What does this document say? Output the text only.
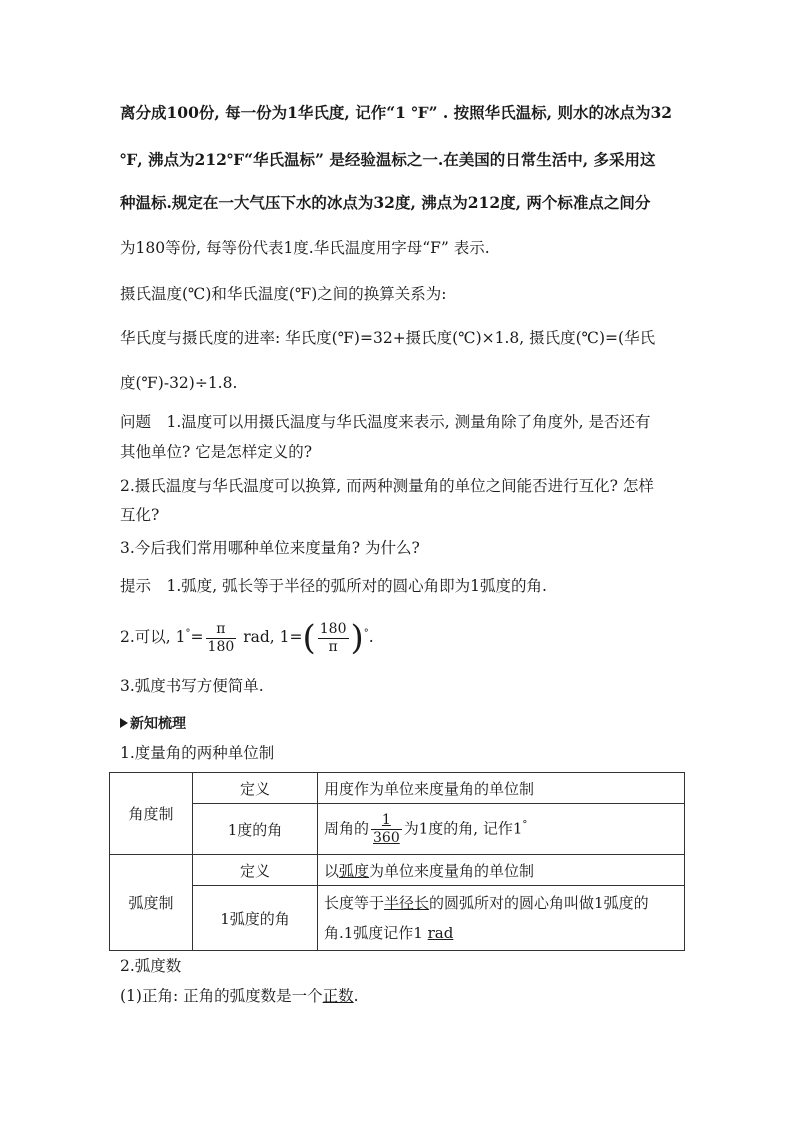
离分成100份, 每一份为1华氏度, 记作“1 ℉” . 按照华氏温标, 则水的冰点为32
℉, 沸点为212℉“华氏温标” 是经验温标之一.在美国的日常生活中, 多采用这
种温标.规定在一大气压下水的冰点为32度, 沸点为212度, 两个标准点之间分
为180等份, 每等份代表1度.华氏温度用字母“F” 表示.
摄氏温度(℃)和华氏温度(℉)之间的换算关系为:
华氏度与摄氏度的进率: 华氏度(℉)=32+摄氏度(℃)×1.8, 摄氏度(℃)=(华氏
度(℉)-32)÷1.8.
问题　1.温度可以用摄氏温度与华氏温度来表示, 测量角除了角度外, 是否还有
其他单位? 它是怎样定义的?
2.摄氏温度与华氏温度可以换算, 而两种测量角的单位之间能否进行互化? 怎样
互化?
3.今后我们常用哪种单位来度量角? 为什么?
提示　1.弧度, 弧长等于半径的弧所对的圆心角即为1弧度的角.
2.可以, $1^\circ= \frac{\pi}{180}$ rad, $1=( \frac{180}{\pi} )^\circ$.
3.弧度书写方便简单.
新知梳理
1.度量角的两种单位制
角度制	定义	用度作为单位来度量角的单位制
	1度的角	周角的 $\frac{1}{360}$ 为1度的角, 记作1°
弧度制	定义	以弧度为单位来度量角的单位制
	1弧度的角	长度等于半径长的圆弧所对的圆心角叫做1弧度的
角.1弧度记作1 rad
2.弧度数
(1)正角: 正角的弧度数是一个正数.
